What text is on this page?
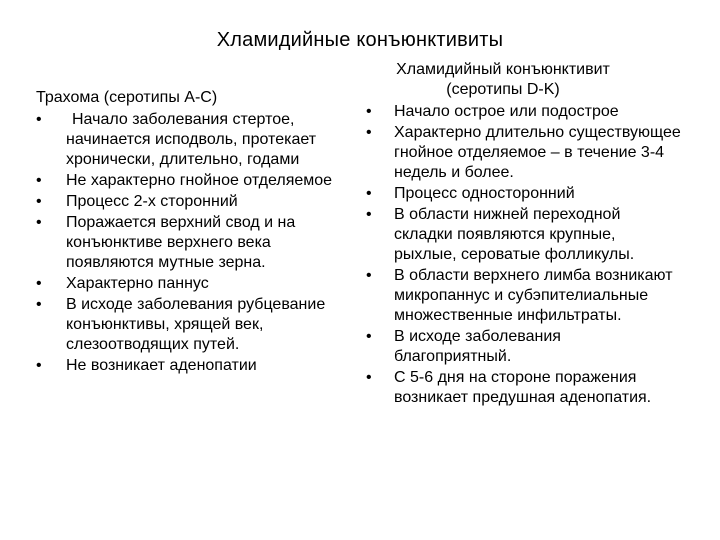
Хламидийные конъюнктивиты
Трахома (серотипы А-С)
•	Начало заболевания стертое, начинается исподволь, протекает хронически, длительно, годами
• Не характерно гнойное отделяемое
• Процесс 2-х сторонний
• Поражается верхний свод и на конъюнктиве верхнего века появляются мутные зерна.
• Характерно паннус
• В исходе заболевания рубцевание конъюнктивы, хрящей век, слезоотводящих путей.
• Не возникает аденопатии
Хламидийный конъюнктивит
(серотипы D-K)
• Начало острое или подострое
• Характерно длительно существующее гнойное отделяемое – в течение 3-4 недель и более.
• Процесс односторонний
• В области нижней переходной складки появляются крупные, рыхлые, сероватые фолликулы.
• В области верхнего лимба возникают микропаннус и субэпителиальные множественные инфильтраты.
• В исходе заболевания благоприятный.
• С 5-6 дня на стороне поражения возникает предушная аденопатия.
